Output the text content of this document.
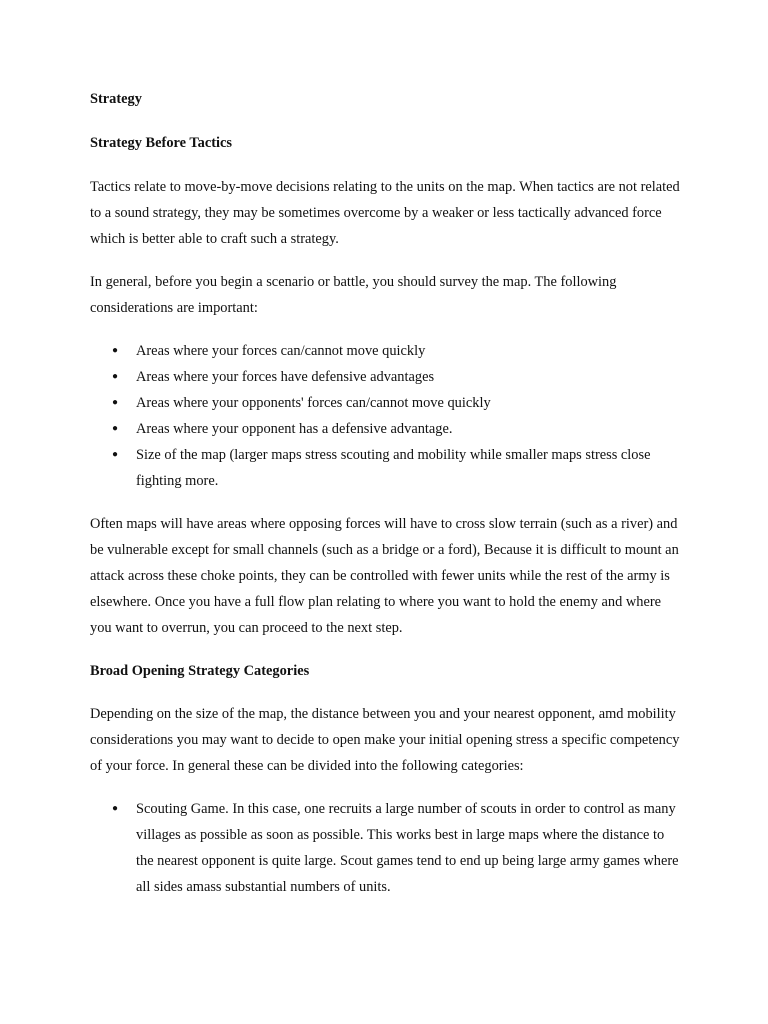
Strategy

Strategy Before Tactics

Tactics relate to move-by-move decisions relating to the units on the map. When tactics are not related to a sound strategy, they may be sometimes overcome by a weaker or less tactically advanced force which is better able to craft such a strategy.

In general, before you begin a scenario or battle, you should survey the map. The following considerations are important:

● Areas where your forces can/cannot move quickly
● Areas where your forces have defensive advantages
● Areas where your opponents' forces can/cannot move quickly
● Areas where your opponent has a defensive advantage.
● Size of the map (larger maps stress scouting and mobility while smaller maps stress close fighting more.

Often maps will have areas where opposing forces will have to cross slow terrain (such as a river) and be vulnerable except for small channels (such as a bridge or a ford), Because it is difficult to mount an attack across these choke points, they can be controlled with fewer units while the rest of the army is elsewhere. Once you have a full flow plan relating to where you want to hold the enemy and where you want to overrun, you can proceed to the next step.

Broad Opening Strategy Categories

Depending on the size of the map, the distance between you and your nearest opponent, amd mobility considerations you may want to decide to open make your initial opening stress a specific competency of your force. In general these can be divided into the following categories:

● Scouting Game. In this case, one recruits a large number of scouts in order to control as many villages as possible as soon as possible. This works best in large maps where the distance to the nearest opponent is quite large. Scout games tend to end up being large army games where all sides amass substantial numbers of units.
